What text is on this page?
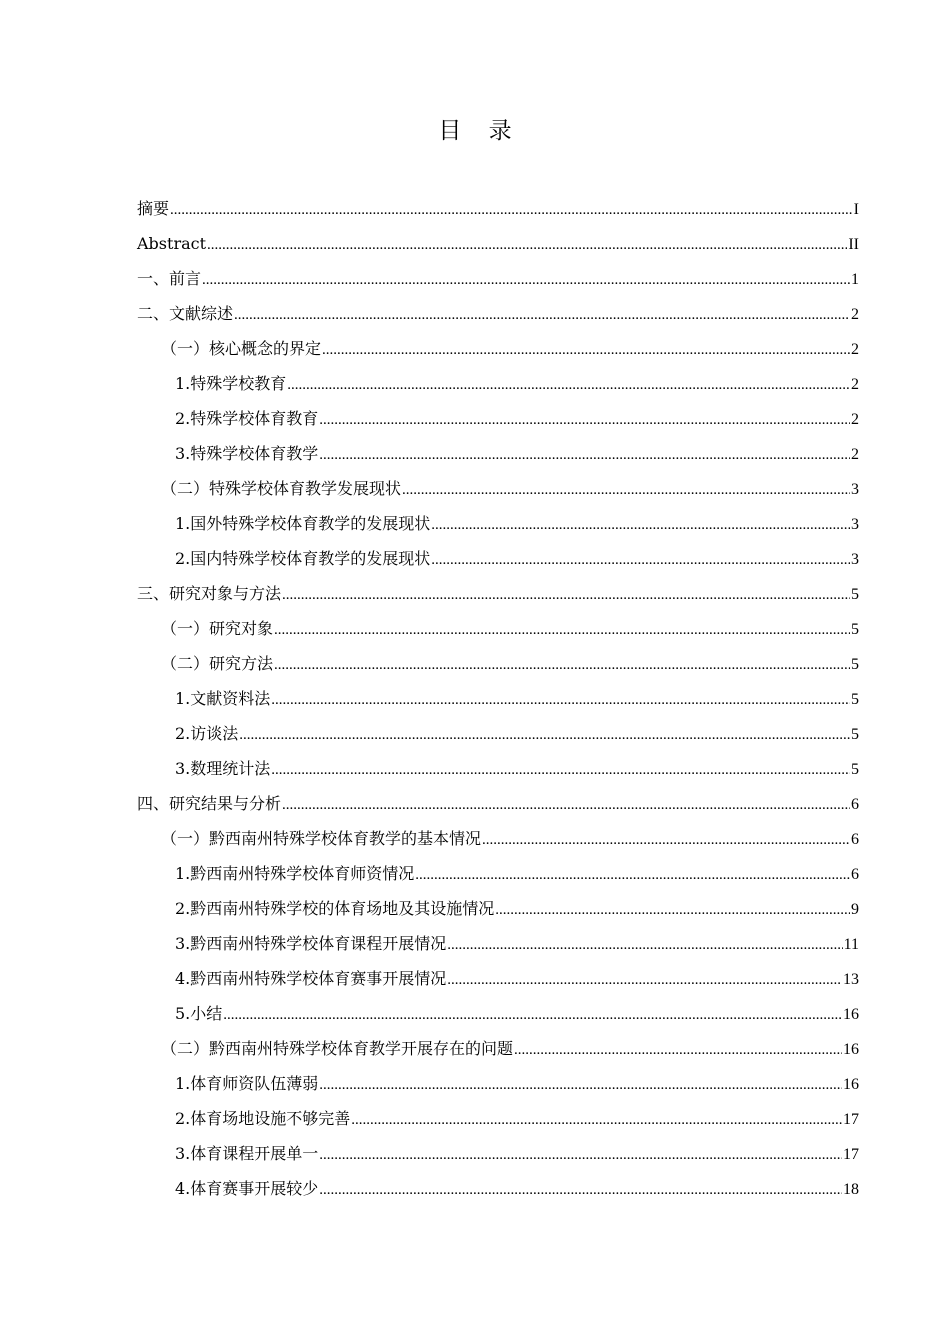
目 录
摘要 .....	I
Abstract .....	II
一、前言 .....	1
二、文献综述 .....	2
（一）核心概念的界定 .....	2
1.特殊学校教育 .....	2
2.特殊学校体育教育 .....	2
3.特殊学校体育教学 .....	2
（二）特殊学校体育教学发展现状 .....	3
1.国外特殊学校体育教学的发展现状 .....	3
2.国内特殊学校体育教学的发展现状 .....	3
三、研究对象与方法 .....	5
（一）研究对象 .....	5
（二）研究方法 .....	5
1.文献资料法 .....	5
2.访谈法 .....	5
3.数理统计法 .....	5
四、研究结果与分析 .....	6
（一）黔西南州特殊学校体育教学的基本情况 .....	6
1.黔西南州特殊学校体育师资情况 .....	6
2.黔西南州特殊学校的体育场地及其设施情况 .....	9
3.黔西南州特殊学校体育课程开展情况 .....	11
4.黔西南州特殊学校体育赛事开展情况 .....	13
5.小结 .....	16
（二）黔西南州特殊学校体育教学开展存在的问题 .....	16
1.体育师资队伍薄弱 .....	16
2.体育场地设施不够完善 .....	17
3.体育课程开展单一 .....	17
4.体育赛事开展较少 .....	18
